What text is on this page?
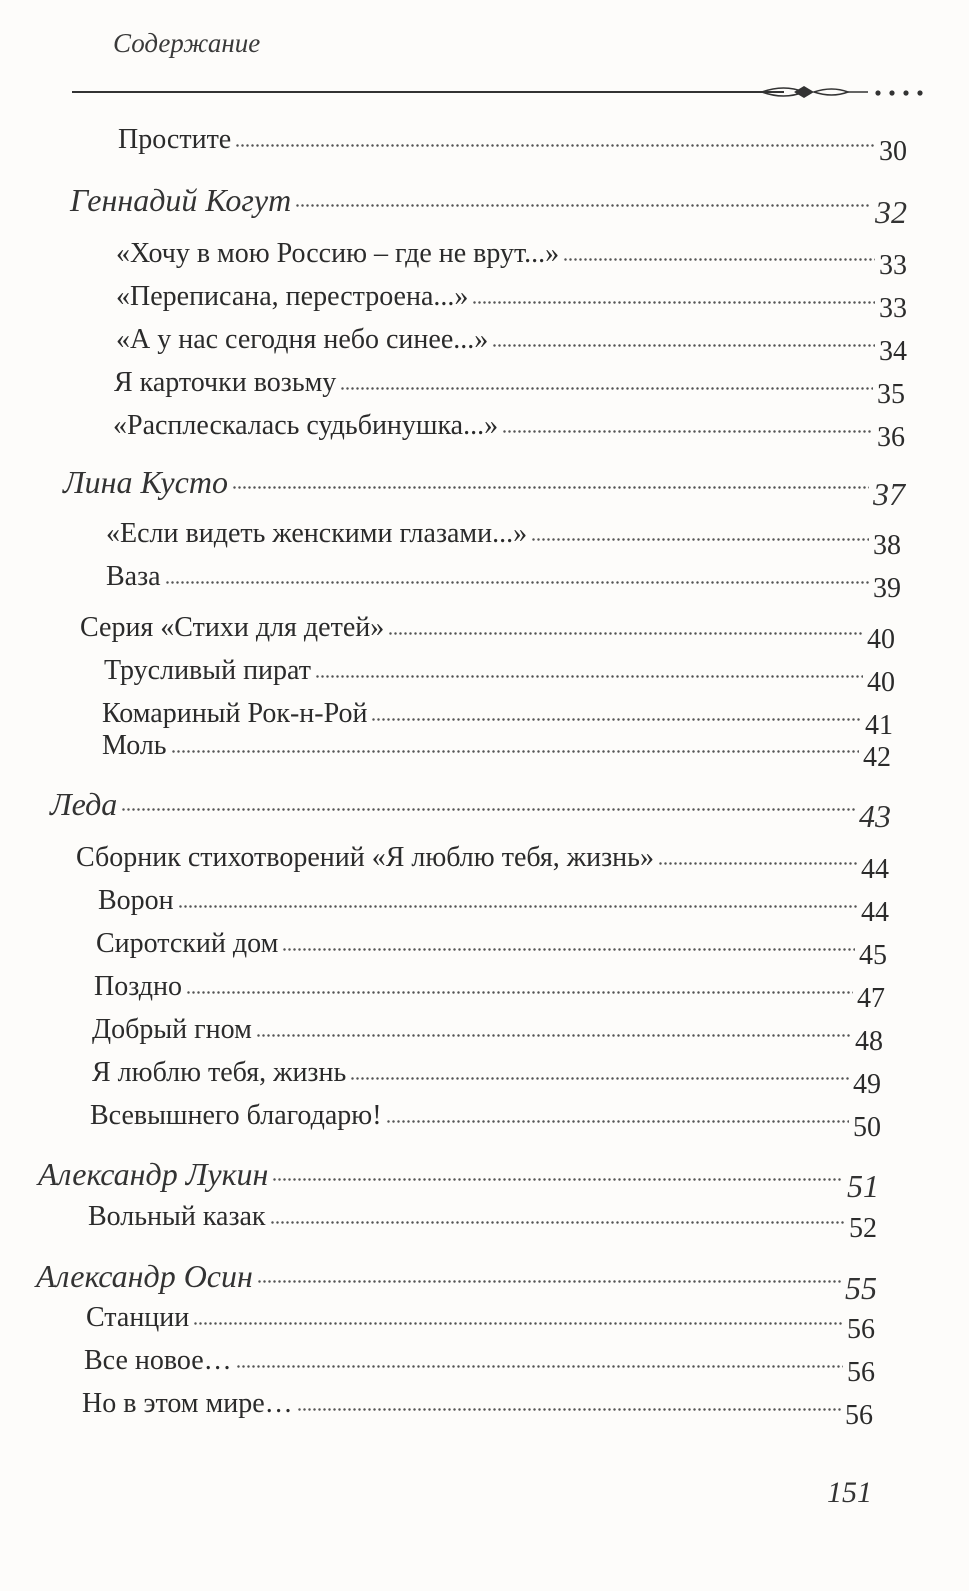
Содержание
Простите	30
Геннадий Когут	32
«Хочу в мою Россию – где не врут...»	33
«Переписана, перестроена...»	33
«А у нас сегодня небо синее...»	34
Я карточки возьму	35
«Расплескалась судьбинушка...»	36
Лина Кусто	37
«Если видеть женскими глазами...»	38
Ваза	39
Серия «Стихи для детей»	40
Трусливый пират	40
Комариный Рок-н-Рой	41
Моль	42
Леда	43
Сборник стихотворений «Я люблю тебя, жизнь»	44
Ворон	44
Сиротский дом	45
Поздно	47
Добрый гном	48
Я люблю тебя, жизнь	49
Всевышнего благодарю!	50
Александр Лукин	51
Вольный казак	52
Александр Осин	55
Станции	56
Все новое…	56
Но в этом мире…	56
151
